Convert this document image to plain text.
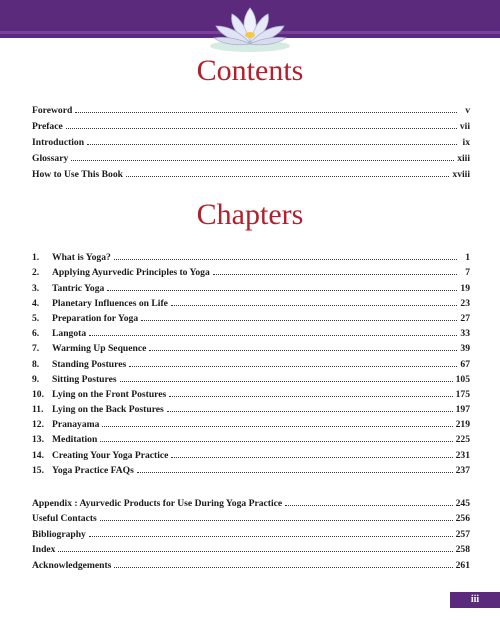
Contents
Foreword	v
Preface	vii
Introduction	ix
Glossary	xiii
How to Use This Book	xviii
Chapters
1.	What is Yoga?	1
2.	Applying Ayurvedic Principles to Yoga	7
3.	Tantric Yoga	19
4.	Planetary Influences on Life	23
5.	Preparation for Yoga	27
6.	Langota	33
7.	Warming Up Sequence	39
8.	Standing Postures	67
9.	Sitting Postures	105
10. Lying on the Front Postures	175
11. Lying on the Back Postures	197
12. Pranayama	219
13. Meditation	225
14. Creating Your Yoga Practice	231
15. Yoga Practice FAQs	237
Appendix : Ayurvedic Products for Use During Yoga Practice	245
Useful Contacts	256
Bibliography	257
Index	258
Acknowledgements	261
iii
